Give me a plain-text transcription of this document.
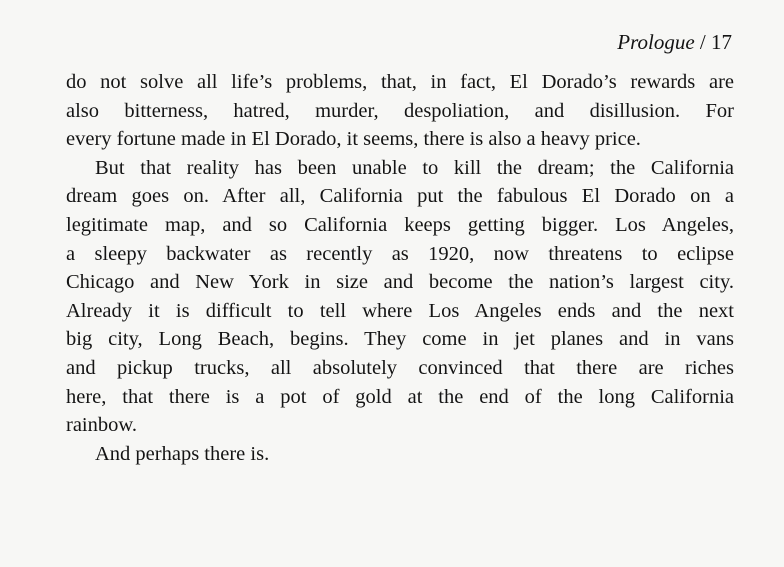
Prologue / 17
do not solve all life’s problems, that, in fact, El Dorado’s rewards are
also bitterness, hatred, murder, despoliation, and disillusion. For
every fortune made in El Dorado, it seems, there is also a heavy price.
But that reality has been unable to kill the dream; the California
dream goes on. After all, California put the fabulous El Dorado on a
legitimate map, and so California keeps getting bigger. Los Angeles,
a sleepy backwater as recently as 1920, now threatens to eclipse
Chicago and New York in size and become the nation’s largest city.
Already it is difficult to tell where Los Angeles ends and the next
big city, Long Beach, begins. They come in jet planes and in vans
and pickup trucks, all absolutely convinced that there are riches
here, that there is a pot of gold at the end of the long California
rainbow.
And perhaps there is.
